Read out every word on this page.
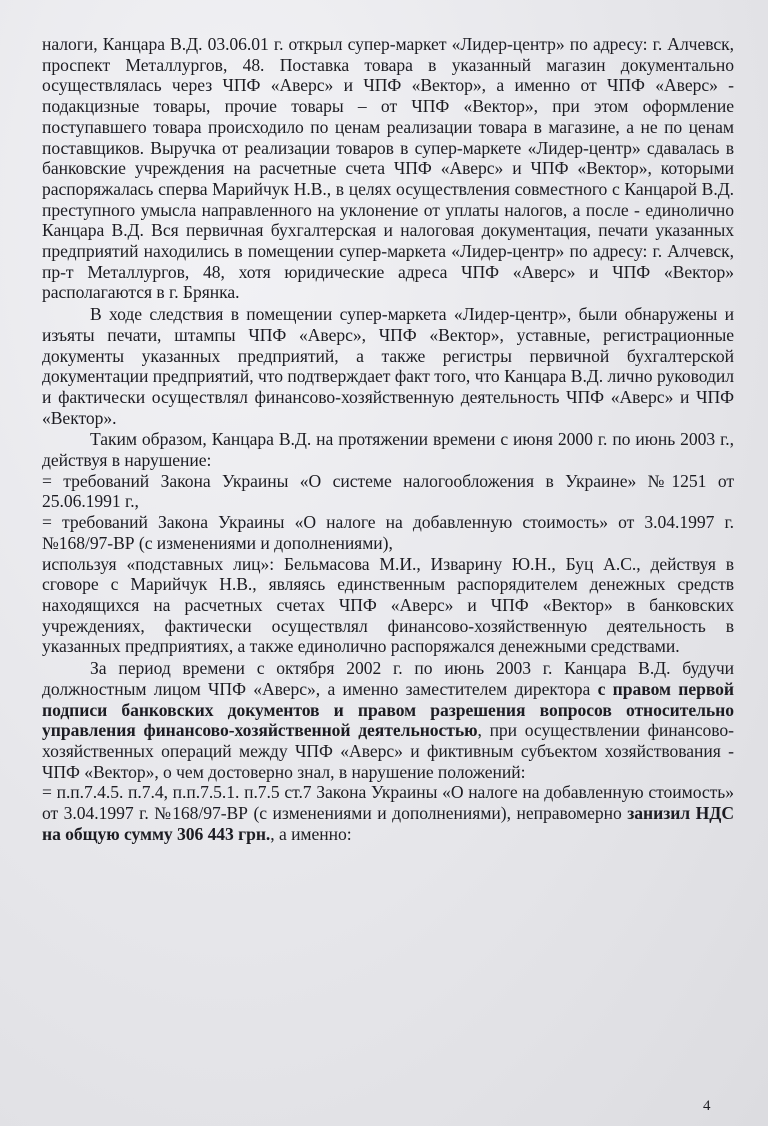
налоги, Канцара В.Д. 03.06.01 г. открыл супер-маркет «Лидер-центр» по адресу: г. Алчевск, проспект Металлургов, 48. Поставка товара в указанный магазин документально осуществлялась через ЧПФ «Аверс» и ЧПФ «Вектор», а именно от ЧПФ «Аверс» - подакцизные товары, прочие товары – от ЧПФ «Вектор», при этом оформление поступавшего товара происходило по ценам реализации товара в магазине, а не по ценам поставщиков. Выручка от реализации товаров в супер-маркете «Лидер-центр» сдавалась в банковские учреждения на расчетные счета ЧПФ «Аверс» и ЧПФ «Вектор», которыми распоряжалась сперва Марийчук Н.В., в целях осуществления совместного с Канцарой В.Д. преступного умысла направленного на уклонение от уплаты налогов, а после - единолично Канцара В.Д. Вся первичная бухгалтерская и налоговая документация, печати указанных предприятий находились в помещении супер-маркета «Лидер-центр» по адресу: г. Алчевск, пр-т Металлургов, 48, хотя юридические адреса ЧПФ «Аверс» и ЧПФ «Вектор» располагаются в г. Брянка.

В ходе следствия в помещении супер-маркета «Лидер-центр», были обнаружены и изъяты печати, штампы ЧПФ «Аверс», ЧПФ «Вектор», уставные, регистрационные документы указанных предприятий, а также регистры первичной бухгалтерской документации предприятий, что подтверждает факт того, что Канцара В.Д. лично руководил и фактически осуществлял финансово-хозяйственную деятельность ЧПФ «Аверс» и ЧПФ «Вектор».

Таким образом, Канцара В.Д. на протяжении времени с июня 2000 г. по июнь 2003 г., действуя в нарушение:

= требований Закона Украины «О системе налогообложения в Украине» №1251 от 25.06.1991 г.,

= требований Закона Украины «О налоге на добавленную стоимость» от 3.04.1997 г. №168/97-ВР (с изменениями и дополнениями),

используя «подставных лиц»: Бельмасова М.И., Изварину Ю.Н., Буц А.С., действуя в сговоре с Марийчук Н.В., являясь единственным распорядителем денежных средств находящихся на расчетных счетах ЧПФ «Аверс» и ЧПФ «Вектор» в банковских учреждениях, фактически осуществлял финансово-хозяйственную деятельность в указанных предприятиях, а также единолично распоряжался денежными средствами.

За период времени с октября 2002 г. по июнь 2003 г. Канцара В.Д. будучи должностным лицом ЧПФ «Аверс», а именно заместителем директора с правом первой подписи банковских документов и правом разрешения вопросов относительно управления финансово-хозяйственной деятельностью, при осуществлении финансово-хозяйственных операций между ЧПФ «Аверс» и фиктивным субъектом хозяйствования - ЧПФ «Вектор», о чем достоверно знал, в нарушение положений:

= п.п.7.4.5. п.7.4, п.п.7.5.1. п.7.5 ст.7 Закона Украины «О налоге на добавленную стоимость» от 3.04.1997 г. №168/97-ВР (с изменениями и дополнениями), неправомерно занизил НДС на общую сумму 306 443 грн., а именно:

4
